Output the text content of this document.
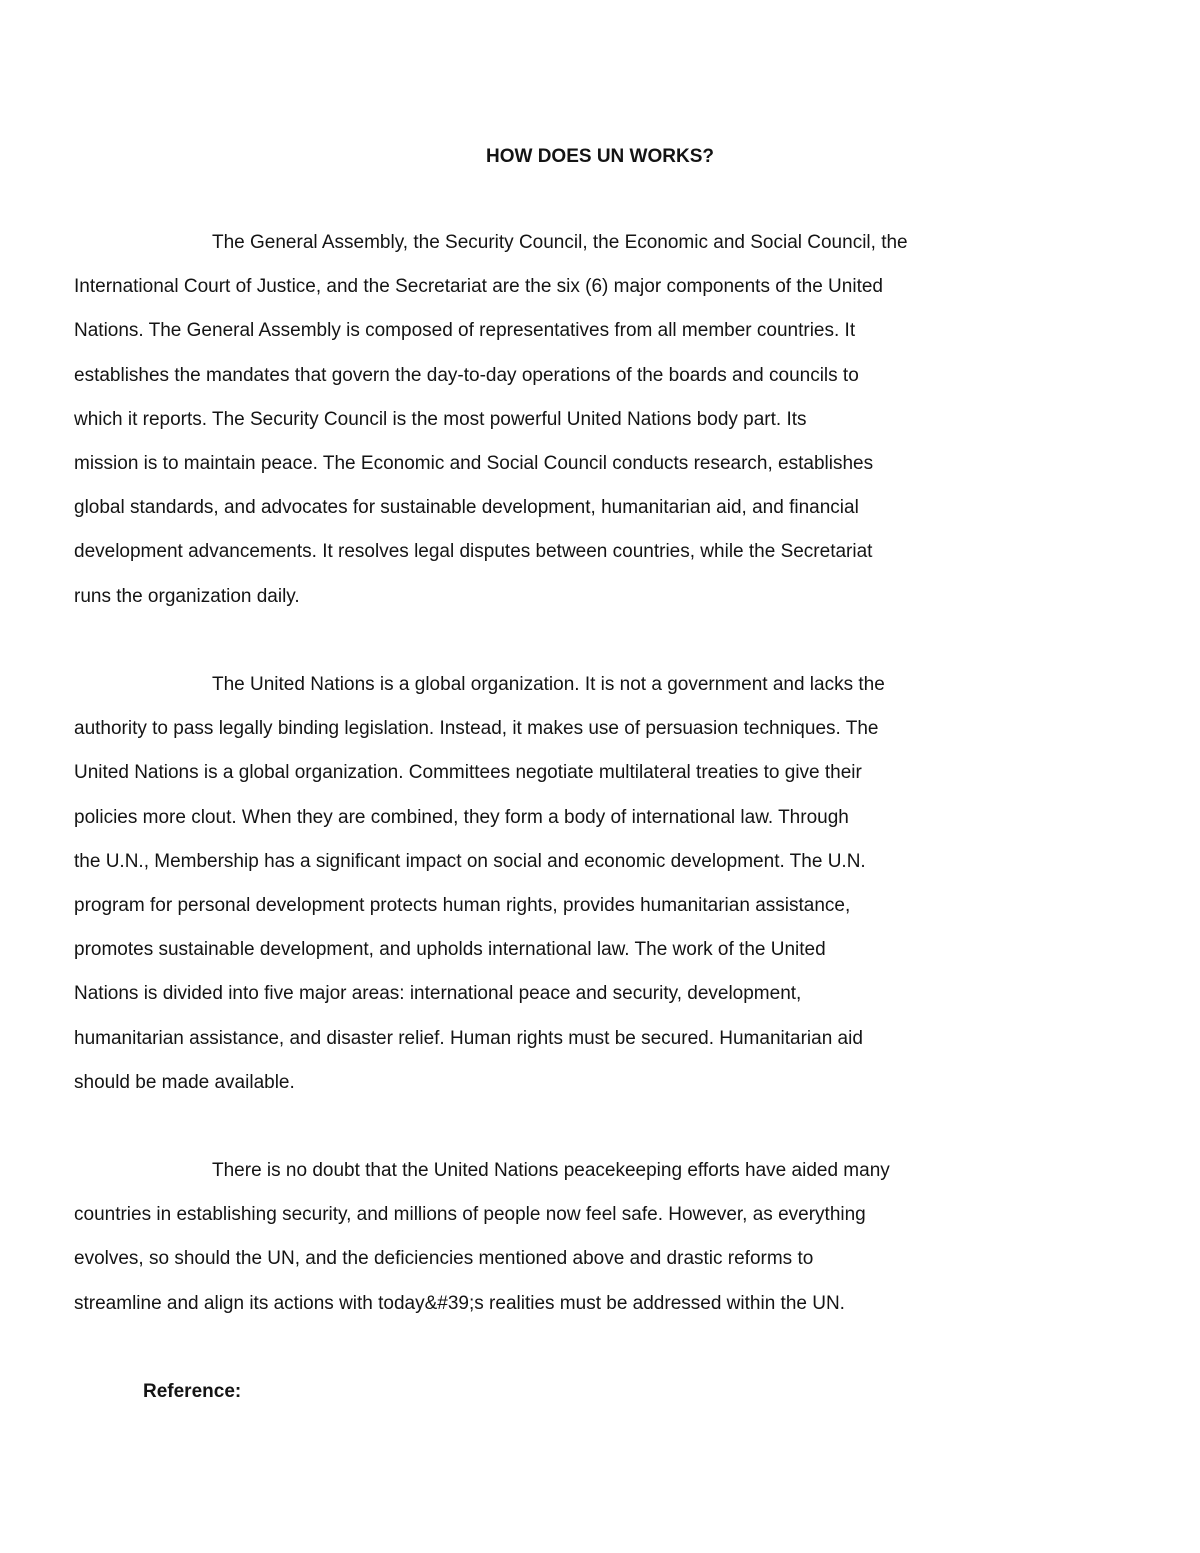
HOW DOES UN WORKS?

The General Assembly, the Security Council, the Economic and Social Council, the
International Court of Justice, and the Secretariat are the six (6) major components of the United
Nations. The General Assembly is composed of representatives from all member countries. It
establishes the mandates that govern the day-to-day operations of the boards and councils to
which it reports. The Security Council is the most powerful United Nations body part. Its
mission is to maintain peace. The Economic and Social Council conducts research, establishes
global standards, and advocates for sustainable development, humanitarian aid, and financial
development advancements. It resolves legal disputes between countries, while the Secretariat
runs the organization daily.

The United Nations is a global organization. It is not a government and lacks the
authority to pass legally binding legislation. Instead, it makes use of persuasion techniques. The
United Nations is a global organization. Committees negotiate multilateral treaties to give their
policies more clout. When they are combined, they form a body of international law. Through
the U.N., Membership has a significant impact on social and economic development. The U.N.
program for personal development protects human rights, provides humanitarian assistance,
promotes sustainable development, and upholds international law. The work of the United
Nations is divided into five major areas: international peace and security, development,
humanitarian assistance, and disaster relief. Human rights must be secured. Humanitarian aid
should be made available.

There is no doubt that the United Nations peacekeeping efforts have aided many
countries in establishing security, and millions of people now feel safe. However, as everything
evolves, so should the UN, and the deficiencies mentioned above and drastic reforms to
streamline and align its actions with today&#39;s realities must be addressed within the UN.

Reference:
